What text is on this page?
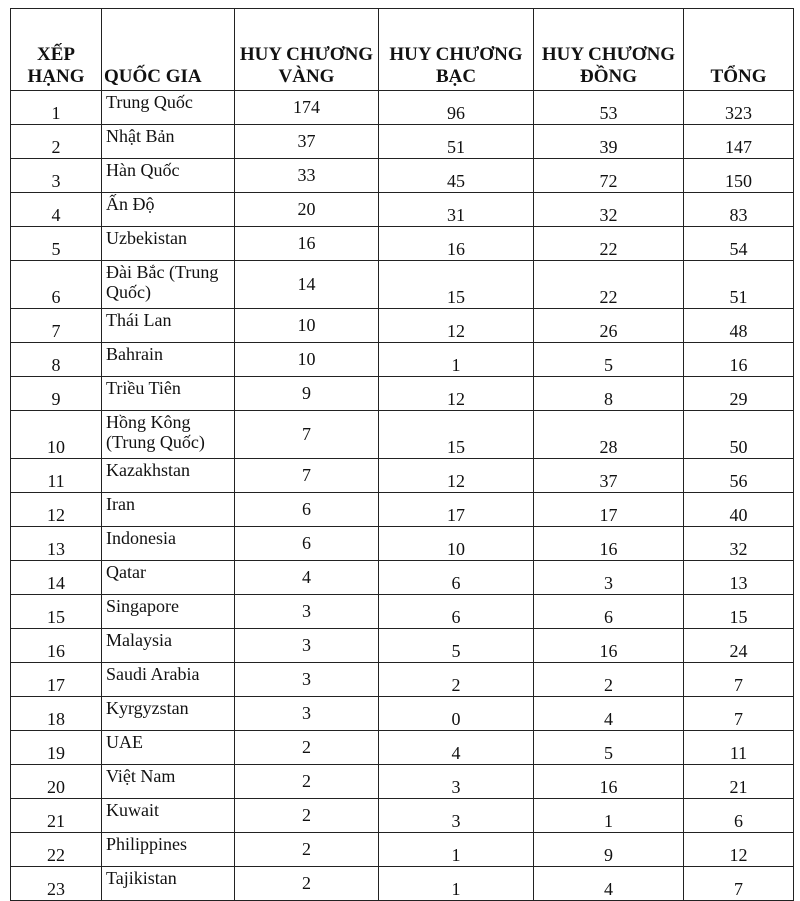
XẾP HẠNG	QUỐC GIA	HUY CHƯƠNG VÀNG	HUY CHƯƠNG BẠC	HUY CHƯƠNG ĐỒNG	TỔNG
1	Trung Quốc	174	96	53	323
2	Nhật Bản	37	51	39	147
3	Hàn Quốc	33	45	72	150
4	Ấn Độ	20	31	32	83
5	Uzbekistan	16	16	22	54
6	Đài Bắc (Trung Quốc)	14	15	22	51
7	Thái Lan	10	12	26	48
8	Bahrain	10	1	5	16
9	Triều Tiên	9	12	8	29
10	Hồng Kông (Trung Quốc)	7	15	28	50
11	Kazakhstan	7	12	37	56
12	Iran	6	17	17	40
13	Indonesia	6	10	16	32
14	Qatar	4	6	3	13
15	Singapore	3	6	6	15
16	Malaysia	3	5	16	24
17	Saudi Arabia	3	2	2	7
18	Kyrgyzstan	3	0	4	7
19	UAE	2	4	5	11
20	Việt Nam	2	3	16	21
21	Kuwait	2	3	1	6
22	Philippines	2	1	9	12
23	Tajikistan	2	1	4	7
